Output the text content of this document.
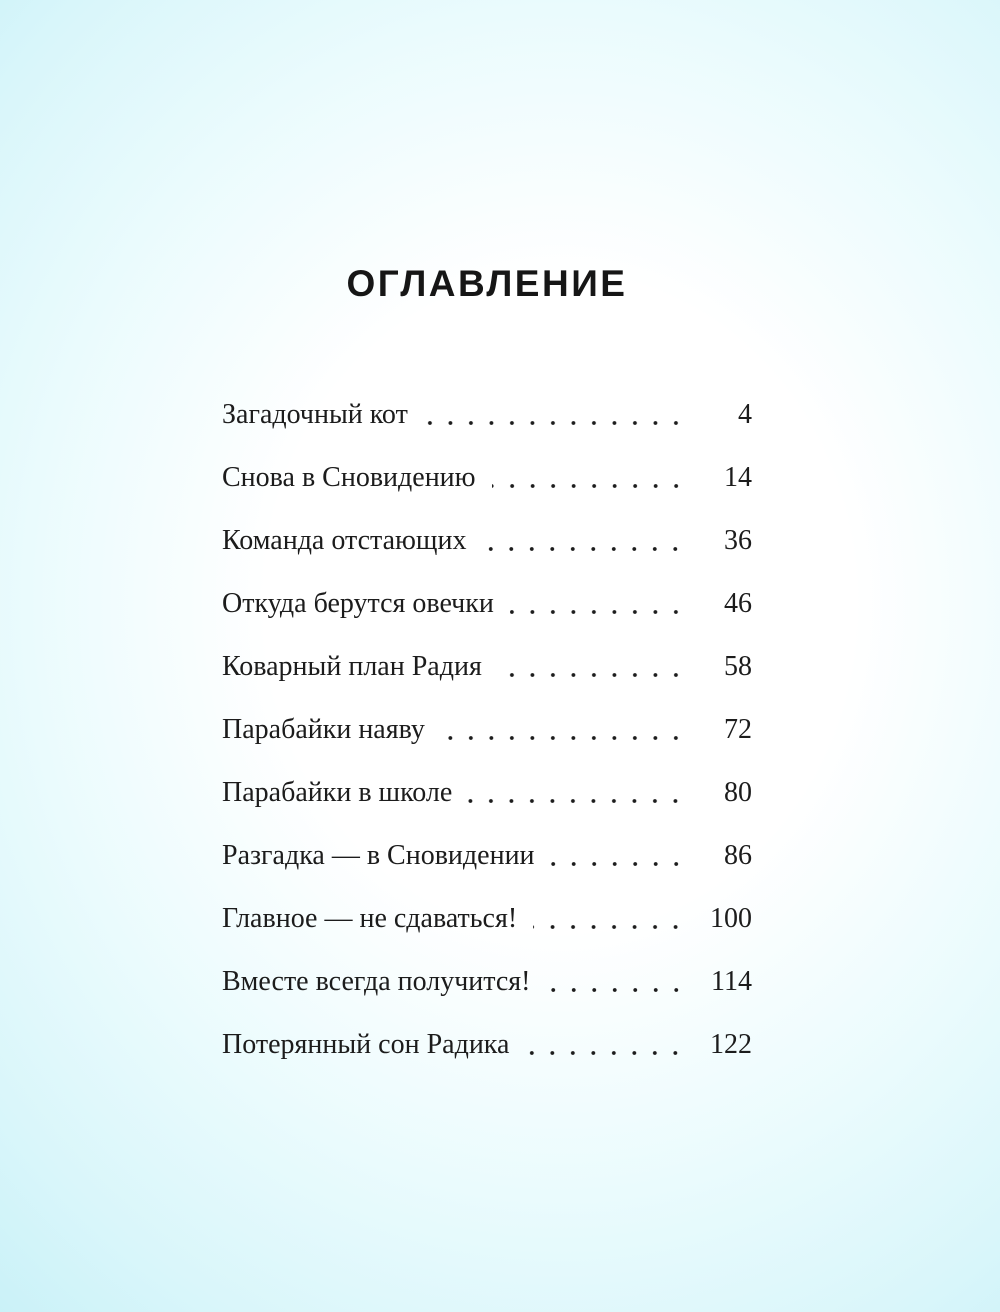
ОГЛАВЛЕНИЕ
Загадочный кот	4
Снова в Сновидению	14
Команда отстающих	36
Откуда берутся овечки	46
Коварный план Радия	58
Парабайки наяву	72
Парабайки в школе	80
Разгадка — в Сновидении	86
Главное — не сдаваться!	100
Вместе всегда получится!	114
Потерянный сон Радика	122
